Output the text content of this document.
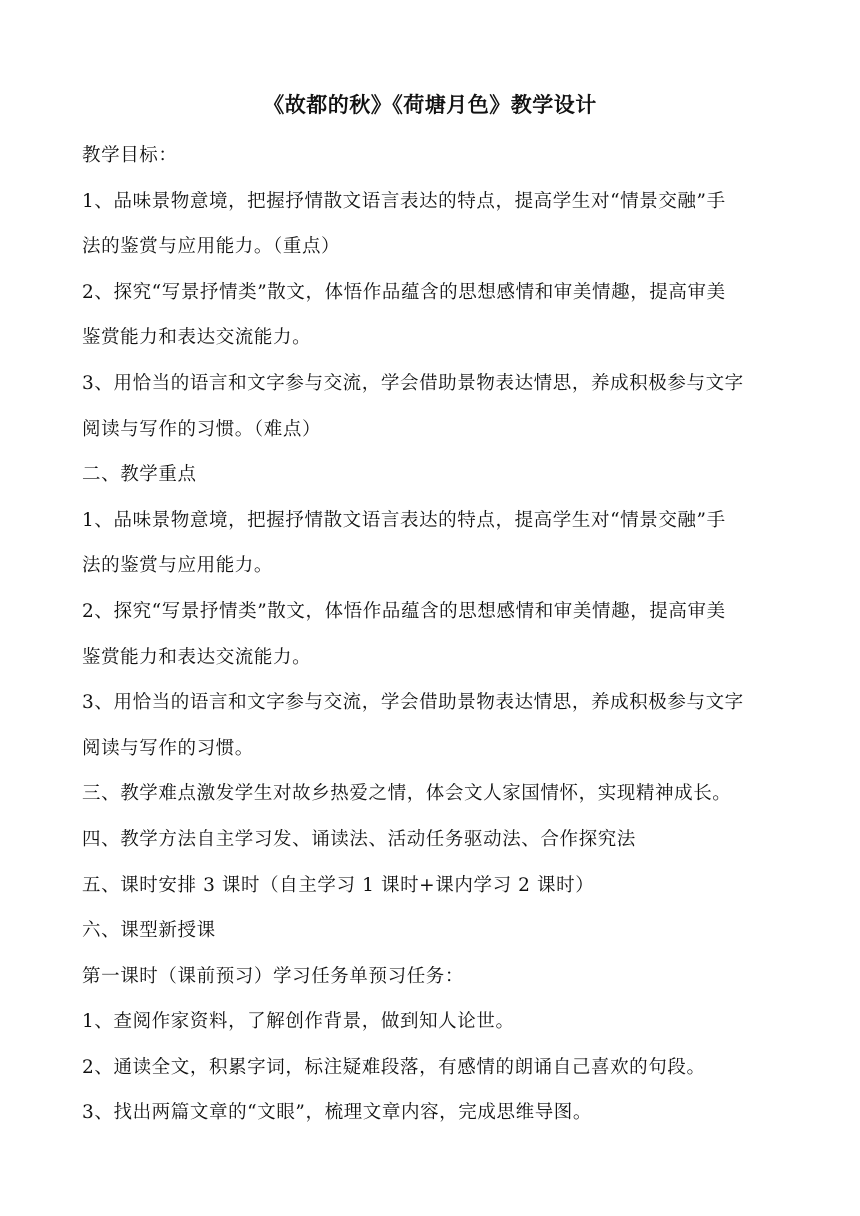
《故都的秋》《荷塘月色》教学设计

教学目标：

1、品味景物意境，把握抒情散文语言表达的特点，提高学生对“情景交融”手

法的鉴赏与应用能力。（重点）

2、探究“写景抒情类”散文，体悟作品蕴含的思想感情和审美情趣，提高审美

鉴赏能力和表达交流能力。

3、用恰当的语言和文字参与交流，学会借助景物表达情思，养成积极参与文字

阅读与写作的习惯。（难点）

二、教学重点

1、品味景物意境，把握抒情散文语言表达的特点，提高学生对“情景交融”手

法的鉴赏与应用能力。

2、探究“写景抒情类”散文，体悟作品蕴含的思想感情和审美情趣，提高审美

鉴赏能力和表达交流能力。

3、用恰当的语言和文字参与交流，学会借助景物表达情思，养成积极参与文字

阅读与写作的习惯。

三、教学难点激发学生对故乡热爱之情，体会文人家国情怀，实现精神成长。

四、教学方法自主学习发、诵读法、活动任务驱动法、合作探究法

五、课时安排 3 课时（自主学习 1 课时+课内学习 2 课时）

六、课型新授课

第一课时（课前预习）学习任务单预习任务：

1、查阅作家资料，了解创作背景，做到知人论世。

2、通读全文，积累字词，标注疑难段落，有感情的朗诵自己喜欢的句段。

3、找出两篇文章的“文眼”，梳理文章内容，完成思维导图。
